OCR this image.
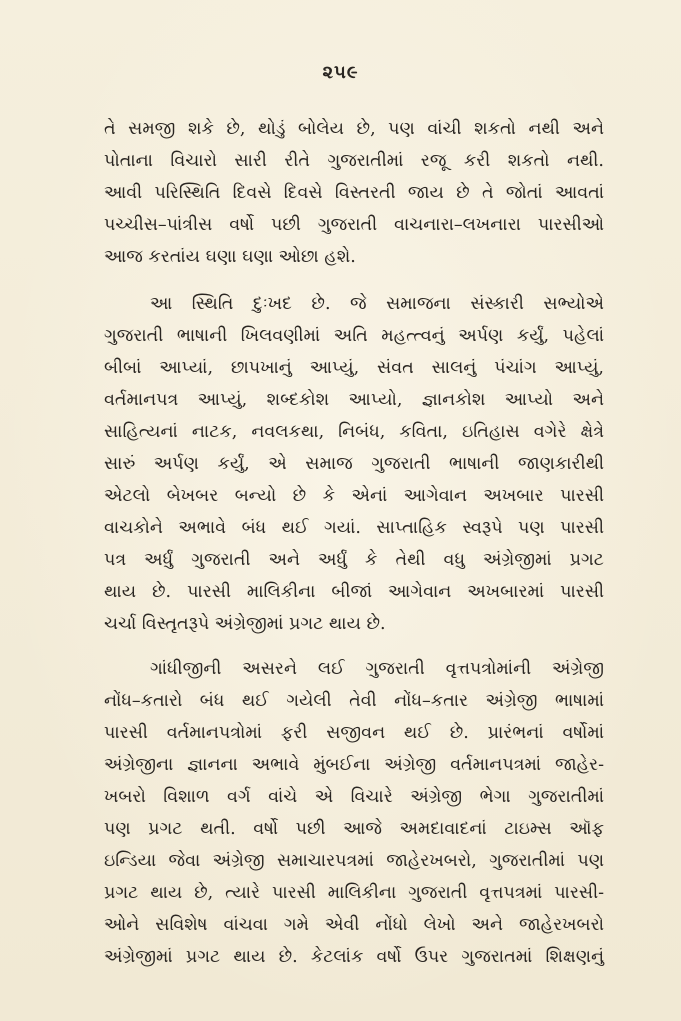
૨૫૯
તે સમજી શકે છે, થોડું બોલેય છે, પણ વાંચી શકતો નથી અને
પોતાના વિચારો સારી રીતે ગુજરાતીમાં રજૂ કરી શકતો નથી.
આવી પરિસ્થિતિ દિવસે દિવસે વિસ્તરતી જાય છે તે જોતાં આવતાં
પચ્ચીસ–પાંત્રીસ વર્ષો પછી ગુજરાતી વાચનારા–લખનારા પારસીઓ
આજ કરતાંય ઘણા ઘણા ઓછા હશે.
આ સ્થિતિ દુઃખદ છે. જે સમાજના સંસ્કારી સભ્યોએ
ગુજરાતી ભાષાની ખિલવણીમાં અતિ મહત્ત્વનું અર્પણ કર્યું, પહેલાં
બીબાં આપ્યાં, છાપખાનું આપ્યું, સંવત સાલનું પંચાંગ આપ્યું,
વર્તમાનપત્ર આપ્યું, શબ્દકોશ આપ્યો, જ્ઞાનકોશ આપ્યો અને
સાહિત્યનાં નાટક, નવલકથા, નિબંધ, કવિતા, ઇતિહાસ વગેરે ક્ષેત્રે
સારું અર્પણ કર્યું, એ સમાજ ગુજરાતી ભાષાની જાણકારીથી
એટલો બેખબર બન્યો છે કે એનાં આગેવાન અખબાર પારસી
વાચકોને અભાવે બંધ થઈ ગયાં. સાપ્તાહિક સ્વરૂપે પણ પારસી
પત્ર અર્ધું ગુજરાતી અને અર્ધું કે તેથી વધુ અંગ્રેજીમાં પ્રગટ
થાય છે. પારસી માલિકીના બીજાં આગેવાન અખબારમાં પારસી
ચર્ચા વિસ્તૃતરૂપે અંગ્રેજીમાં પ્રગટ થાય છે.
ગાંધીજીની અસરને લઈ ગુજરાતી વૃત્તપત્રોમાંની અંગ્રેજી
નોંધ–કતારો બંધ થઈ ગયેલી તેવી નોંધ–કતાર અંગ્રેજી ભાષામાં
પારસી વર્તમાનપત્રોમાં ફરી સજીવન થઈ છે. પ્રારંભનાં વર્ષોમાં
અંગ્રેજીના જ્ઞાનના અભાવે મુંબઈના અંગ્રેજી વર્તમાનપત્રમાં જાહેર-
ખબરો વિશાળ વર્ગ વાંચે એ વિચારે અંગ્રેજી ભેગા ગુજરાતીમાં
પણ પ્રગટ થતી. વર્ષો પછી આજે અમદાવાદનાં ટાઇમ્સ ઑફ
ઇન્ડિયા જેવા અંગ્રેજી સમાચારપત્રમાં જાહેરખબરો, ગુજરાતીમાં પણ
પ્રગટ થાય છે, ત્યારે પારસી માલિકીના ગુજરાતી વૃત્તપત્રમાં પારસી-
ઓને સવિશેષ વાંચવા ગમે એવી નોંધો લેખો અને જાહેરખબરો
અંગ્રેજીમાં પ્રગટ થાય છે. કેટલાંક વર્ષો ઉપર ગુજરાતમાં શિક્ષણનું
